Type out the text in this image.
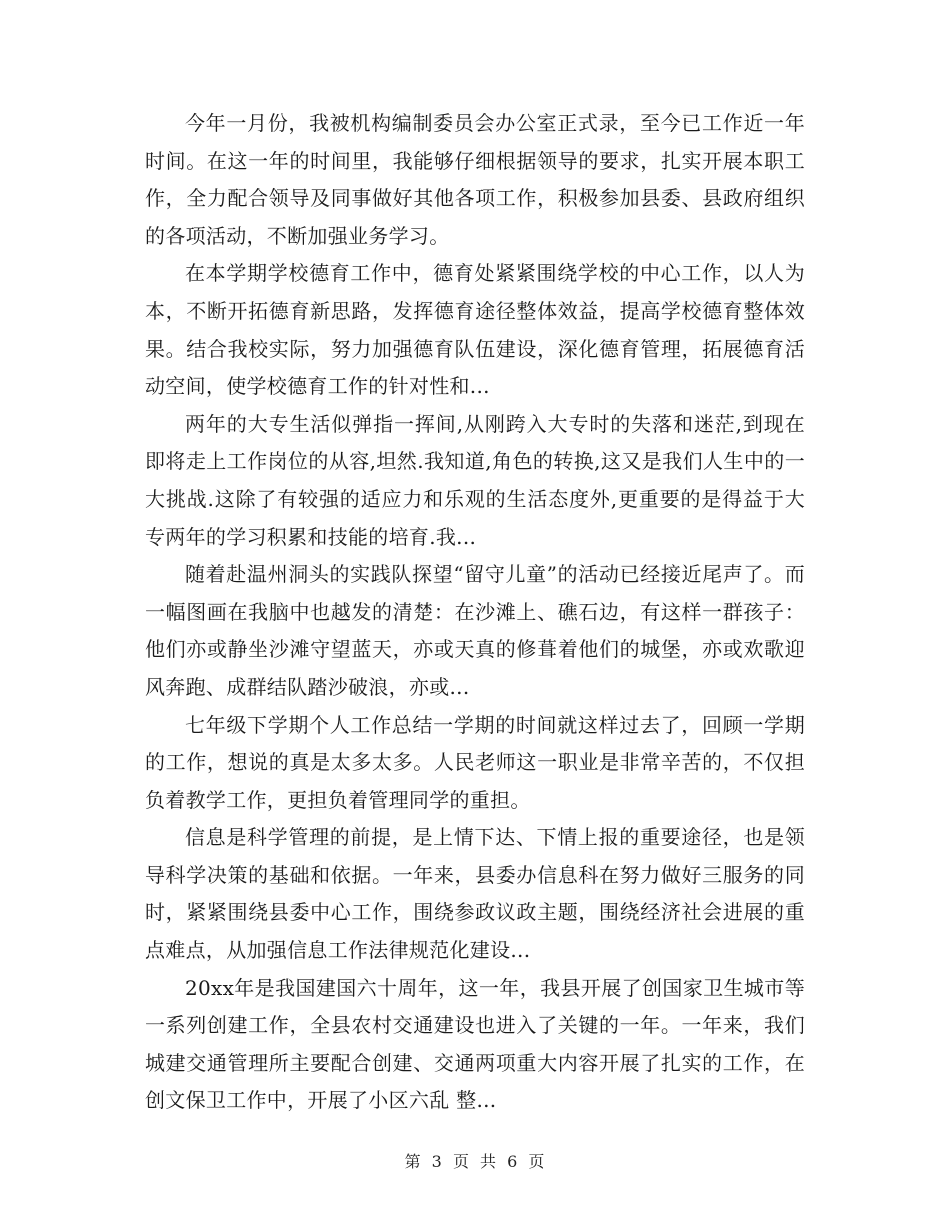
今年一月份，我被机构编制委员会办公室正式录，至今已工作近一年时间。在这一年的时间里，我能够仔细根据领导的要求，扎实开展本职工作，全力配合领导及同事做好其他各项工作，积极参加县委、县政府组织的各项活动，不断加强业务学习。

在本学期学校德育工作中，德育处紧紧围绕学校的中心工作，以人为本，不断开拓德育新思路，发挥德育途径整体效益，提高学校德育整体效果。结合我校实际，努力加强德育队伍建设，深化德育管理，拓展德育活动空间，使学校德育工作的针对性和...

两年的大专生活似弹指一挥间,从刚跨入大专时的失落和迷茫,到现在即将走上工作岗位的从容,坦然.我知道,角色的转换,这又是我们人生中的一大挑战.这除了有较强的适应力和乐观的生活态度外,更重要的是得益于大专两年的学习积累和技能的培育.我...

随着赴温州洞头的实践队探望“留守儿童”的活动已经接近尾声了。而一幅图画在我脑中也越发的清楚：在沙滩上、礁石边，有这样一群孩子：他们亦或静坐沙滩守望蓝天，亦或天真的修葺着他们的城堡，亦或欢歌迎风奔跑、成群结队踏沙破浪，亦或...

七年级下学期个人工作总结一学期的时间就这样过去了，回顾一学期的工作，想说的真是太多太多。人民老师这一职业是非常辛苦的，不仅担负着教学工作，更担负着管理同学的重担。

信息是科学管理的前提，是上情下达、下情上报的重要途径，也是领导科学决策的基础和依据。一年来，县委办信息科在努力做好三服务的同时，紧紧围绕县委中心工作，围绕参政议政主题，围绕经济社会进展的重点难点，从加强信息工作法律规范化建设...

20xx年是我国建国六十周年，这一年，我县开展了创国家卫生城市等一系列创建工作，全县农村交通建设也进入了关键的一年。一年来，我们城建交通管理所主要配合创建、交通两项重大内容开展了扎实的工作，在创文保卫工作中，开展了小区六乱 整...

第 3 页 共 6 页
